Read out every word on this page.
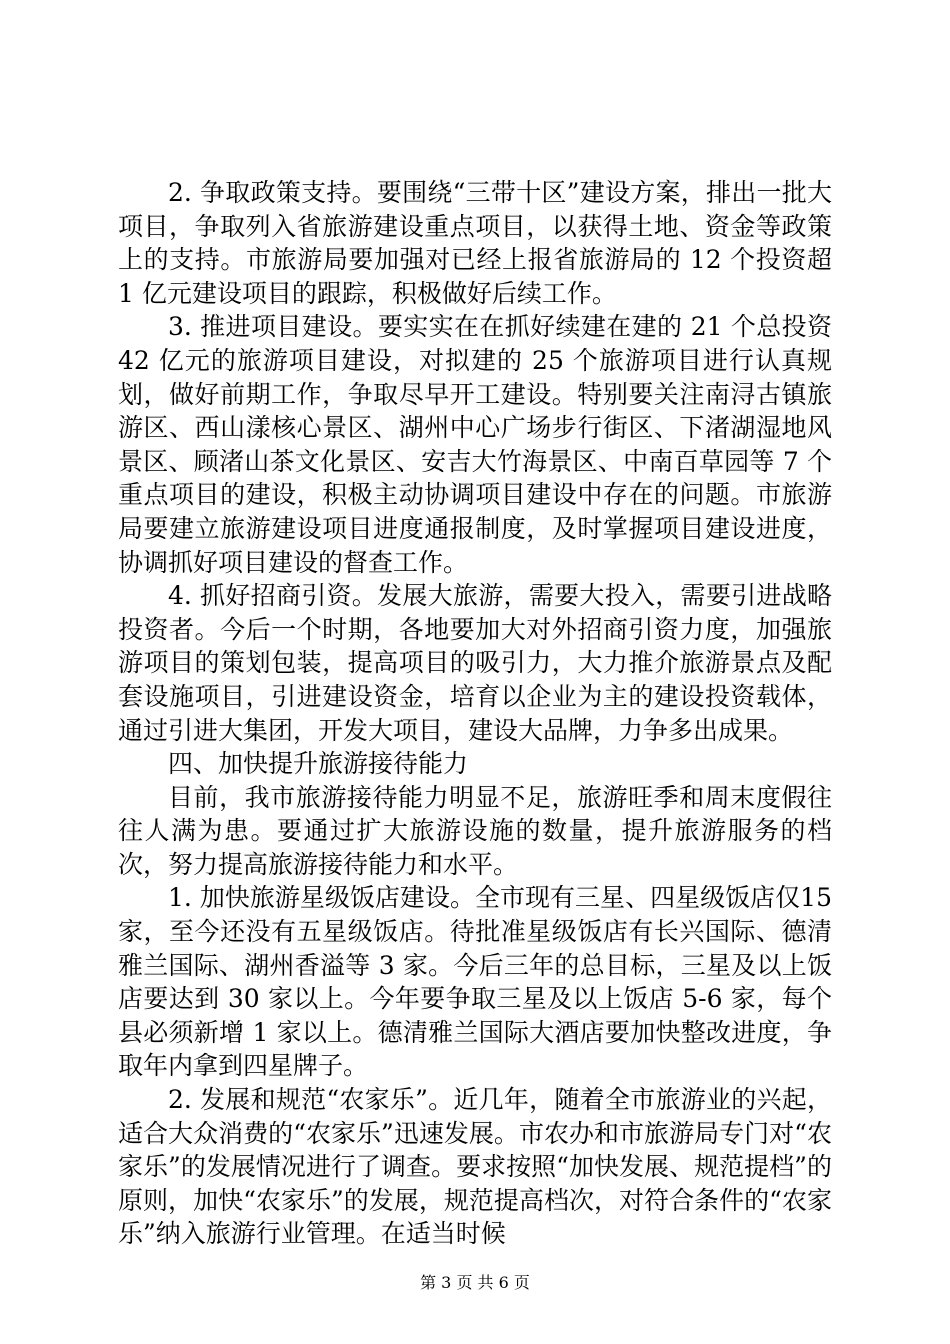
2. 争取政策支持。要围绕“三带十区”建设方案，排出一批大项目，争取列入省旅游建设重点项目，以获得土地、资金等政策上的支持。市旅游局要加强对已经上报省旅游局的 12 个投资超 1 亿元建设项目的跟踪，积极做好后续工作。

3. 推进项目建设。要实实在在抓好续建在建的 21 个总投资42 亿元的旅游项目建设，对拟建的 25 个旅游项目进行认真规划，做好前期工作，争取尽早开工建设。特别要关注南浔古镇旅游区、西山漾核心景区、湖州中心广场步行街区、下渚湖湿地风景区、顾渚山茶文化景区、安吉大竹海景区、中南百草园等 7 个重点项目的建设，积极主动协调项目建设中存在的问题。市旅游局要建立旅游建设项目进度通报制度，及时掌握项目建设进度，协调抓好项目建设的督查工作。

4. 抓好招商引资。发展大旅游，需要大投入，需要引进战略投资者。今后一个时期，各地要加大对外招商引资力度，加强旅游项目的策划包装，提高项目的吸引力，大力推介旅游景点及配套设施项目，引进建设资金，培育以企业为主的建设投资载体，通过引进大集团，开发大项目，建设大品牌，力争多出成果。

四、加快提升旅游接待能力

目前，我市旅游接待能力明显不足，旅游旺季和周末度假往往人满为患。要通过扩大旅游设施的数量，提升旅游服务的档次，努力提高旅游接待能力和水平。

1. 加快旅游星级饭店建设。全市现有三星、四星级饭店仅15 家，至今还没有五星级饭店。待批准星级饭店有长兴国际、德清雅兰国际、湖州香溢等 3 家。今后三年的总目标，三星及以上饭店要达到 30 家以上。今年要争取三星及以上饭店 5-6 家，每个县必须新增 1 家以上。德清雅兰国际大酒店要加快整改进度，争取年内拿到四星牌子。

2. 发展和规范“农家乐”。近几年，随着全市旅游业的兴起，适合大众消费的“农家乐”迅速发展。市农办和市旅游局专门对“农家乐”的发展情况进行了调查。要求按照“加快发展、规范提档”的原则，加快“农家乐”的发展，规范提高档次，对符合条件的“农家乐”纳入旅游行业管理。在适当时候

第 3 页 共 6 页
